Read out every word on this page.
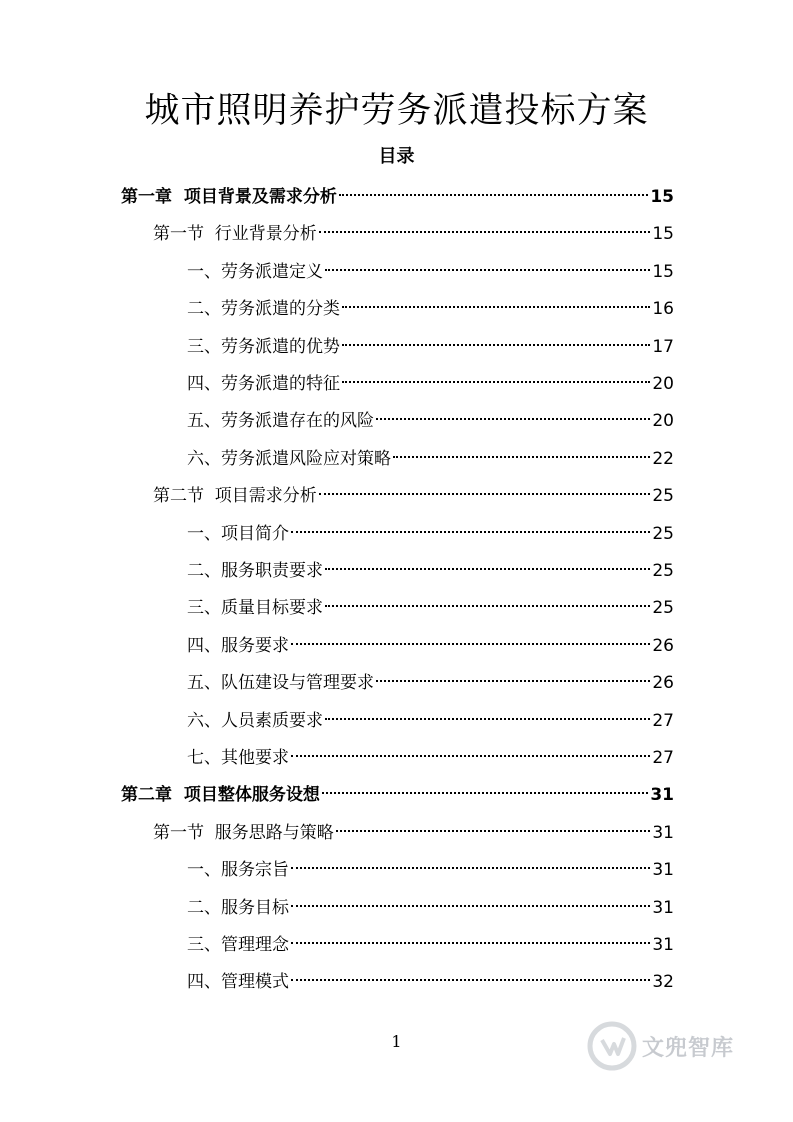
城市照明养护劳务派遣投标方案
目录
第一章  项目背景及需求分析	15
第一节  行业背景分析	15
一、劳务派遣定义	15
二、劳务派遣的分类	16
三、劳务派遣的优势	17
四、劳务派遣的特征	20
五、劳务派遣存在的风险	20
六、劳务派遣风险应对策略	22
第二节  项目需求分析	25
一、项目简介	25
二、服务职责要求	25
三、质量目标要求	25
四、服务要求	26
五、队伍建设与管理要求	26
六、人员素质要求	27
七、其他要求	27
第二章  项目整体服务设想	31
第一节  服务思路与策略	31
一、服务宗旨	31
二、服务目标	31
三、管理理念	31
四、管理模式	32
1	文兜智库
